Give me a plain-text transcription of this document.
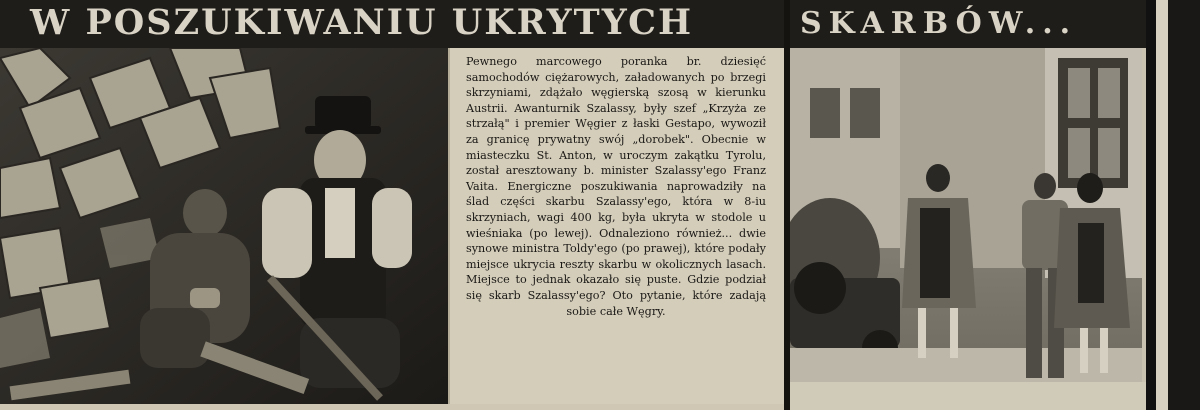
W POSZUKIWANIU UKRYTYCH

Pewnego marcowego poranka br. dziesięć samochodów ciężarowych, załadowanych po brzegi skrzyniami, zdążało węgierską szosą w kierunku Austrii. Awanturnik Szalassy, były szef „Krzyża ze strzałą" i premier Węgier z łaski Gestapo, wywoził za granicę prywatny swój „dorobek". Obecnie w miasteczku St. Anton, w uroczym zakątku Tyrolu, został aresztowany b. minister Szalassy'ego Franz Vaita. Energiczne poszukiwania naprowadziły na ślad części skarbu Szalassy'ego, która w 8-iu skrzyniach, wagi 400 kg, była ukryta w stodole u wieśniaka (po lewej). Odnaleziono również... dwie synowe ministra Toldy'ego (po prawej), które podały miejsce ukrycia reszty skarbu w okolicznych lasach. Miejsce to jednak okazało się puste. Gdzie podział się skarb Szalassy'ego? Oto pytanie, które zadają sobie całe Węgry.

SKARBÓW...
